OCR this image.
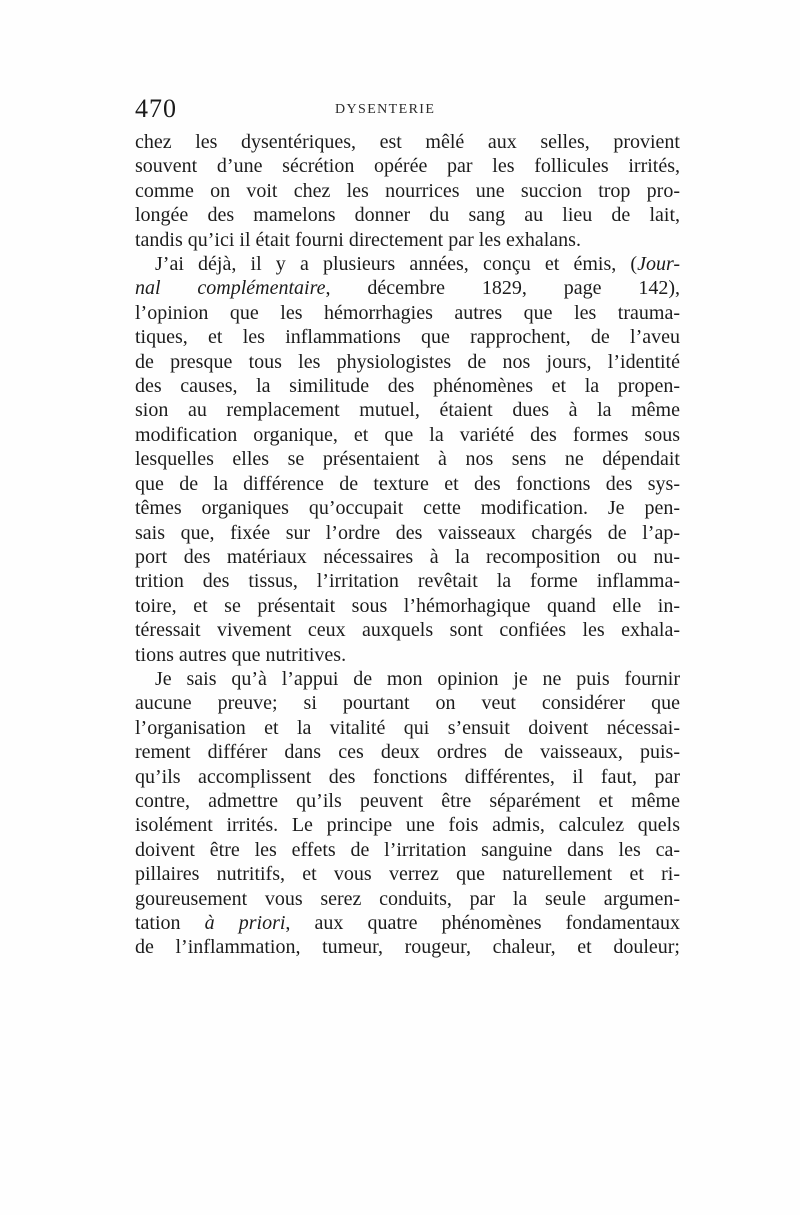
470	DYSENTERIE

chez les dysentériques, est mêlé aux selles, provient
souvent d’une sécrétion opérée par les follicules irrités,
comme on voit chez les nourrices une succion trop pro-
longée des mamelons donner du sang au lieu de lait,
tandis qu’ici il était fourni directement par les exhalans.

J’ai déjà, il y a plusieurs années, conçu et émis, (Jour-
nal complémentaire, décembre 1829, page 142),
l’opinion que les hémorrhagies autres que les trauma-
tiques, et les inflammations que rapprochent, de l’aveu
de presque tous les physiologistes de nos jours, l’identité
des causes, la similitude des phénomènes et la propen-
sion au remplacement mutuel, étaient dues à la même
modification organique, et que la variété des formes sous
lesquelles elles se présentaient à nos sens ne dépendait
que de la différence de texture et des fonctions des sys-
têmes organiques qu’occupait cette modification. Je pen-
sais que, fixée sur l’ordre des vaisseaux chargés de l’ap-
port des matériaux nécessaires à la recomposition ou nu-
trition des tissus, l’irritation revêtait la forme inflamma-
toire, et se présentait sous l’hémorhagique quand elle in-
téressait vivement ceux auxquels sont confiées les exhala-
tions autres que nutritives.

Je sais qu’à l’appui de mon opinion je ne puis fournir
aucune preuve; si pourtant on veut considérer que
l’organisation et la vitalité qui s’ensuit doivent nécessai-
rement différer dans ces deux ordres de vaisseaux, puis-
qu’ils accomplissent des fonctions différentes, il faut, par
contre, admettre qu’ils peuvent être séparément et même
isolément irrités. Le principe une fois admis, calculez quels
doivent être les effets de l’irritation sanguine dans les ca-
pillaires nutritifs, et vous verrez que naturellement et ri-
goureusement vous serez conduits, par la seule argumen-
tation à priori, aux quatre phénomènes fondamentaux
de l’inflammation, tumeur, rougeur, chaleur, et douleur;
